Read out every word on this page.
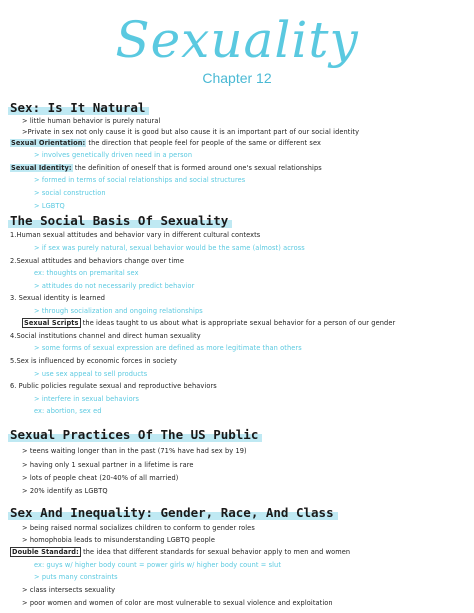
Sexuality
Chapter 12
Sex: Is It Natural
> little human behavior is purely natural
>Private in sex not only cause it is good but also cause it is an important part of our social identity
Sexual Orientation: the direction that people feel for people of the same or different sex
> involves genetically driven need in a person
Sexual Identity: the definition of oneself that is formed around one's sexual relationships
> formed in terms of social relationships and social structures
> social construction
> LGBTQ
The Social Basis Of Sexuality
1.Human sexual attitudes and behavior vary in different cultural contexts
> if sex was purely natural, sexual behavior would be the same (almost) across
2.Sexual attitudes and behaviors change over time
ex: thoughts on premarital sex
> attitudes do not necessarily predict behavior
3. Sexual identity is learned
> through socialization and ongoing relationships
Sexual Scripts the ideas taught to us about what is appropriate sexual behavior for a person of our gender
4.Social institutions channel and direct human sexuality
> some forms of sexual expression are defined as more legitimate than others
5.Sex is influenced by economic forces in society
> use sex appeal to sell products
6. Public policies regulate sexual and reproductive behaviors
> interfere in sexual behaviors
ex: abortion, sex ed
Sexual Practices Of The US Public
> teens waiting longer than in the past (71% have had sex by 19)
> having only 1 sexual partner in a lifetime is rare
> lots of people cheat (20-40% of all married)
> 20% identify as LGBTQ
Sex And Inequality: Gender, Race, And Class
> being raised normal socializes children to conform to gender roles
> homophobia leads to misunderstanding LGBTQ people
Double Standard: the idea that different standards for sexual behavior apply to men and women
ex: guys w/ higher body count = power girls w/ higher body count = slut
> puts many constraints
> class intersects sexuality
> poor women and women of color are most vulnerable to sexual violence and exploitation
